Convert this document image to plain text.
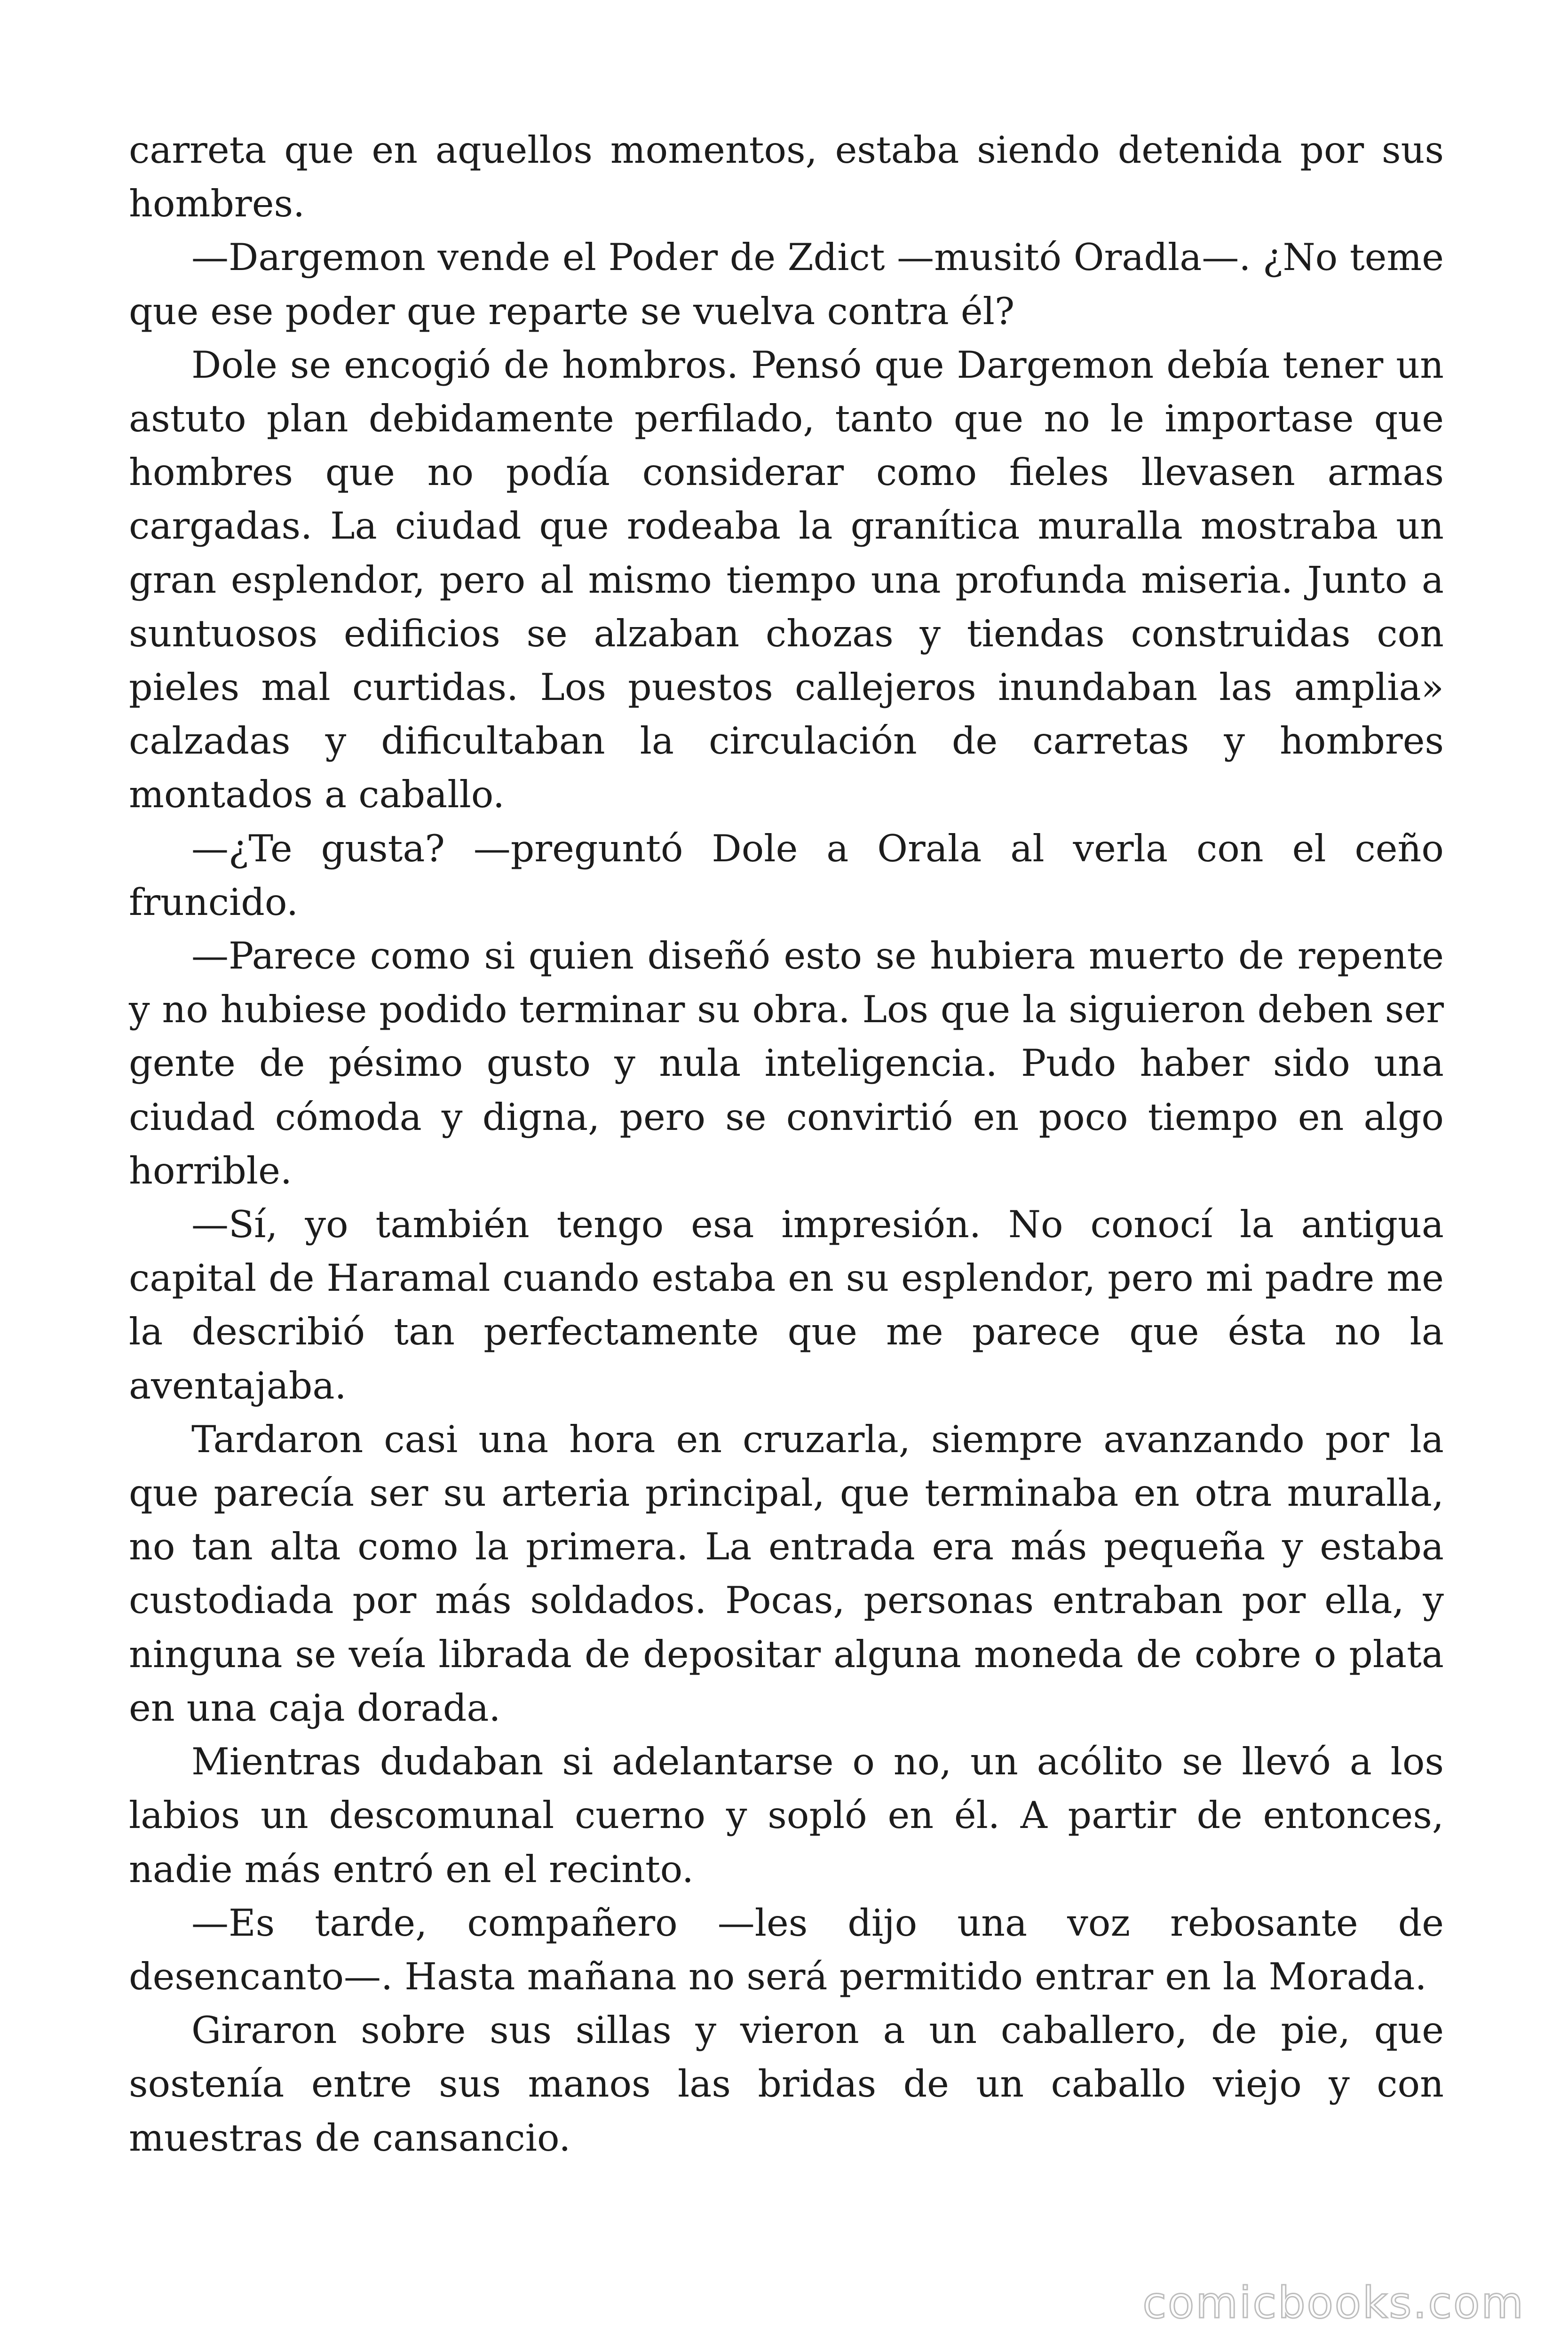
carreta que en aquellos momentos, estaba siendo detenida por sus hombres.

—Dargemon vende el Poder de Zdict —musitó Oradla—. ¿No teme que ese poder que reparte se vuelva contra él?

Dole se encogió de hombros. Pensó que Dargemon debía tener un astuto plan debidamente perfilado, tanto que no le importase que hombres que no podía considerar como fieles llevasen armas cargadas. La ciudad que rodeaba la granítica muralla mostraba un gran esplendor, pero al mismo tiempo una profunda miseria. Junto a suntuosos edificios se alzaban chozas y tiendas construidas con pieles mal curtidas. Los puestos callejeros inundaban las amplia» calzadas y dificultaban la circulación de carretas y hombres montados a caballo.

—¿Te gusta? —preguntó Dole a Orala al verla con el ceño fruncido.

—Parece como si quien diseñó esto se hubiera muerto de repente y no hubiese podido terminar su obra. Los que la siguieron deben ser gente de pésimo gusto y nula inteligencia. Pudo haber sido una ciudad cómoda y digna, pero se convirtió en poco tiempo en algo horrible.

—Sí, yo también tengo esa impresión. No conocí la antigua capital de Haramal cuando estaba en su esplendor, pero mi padre me la describió tan perfectamente que me parece que ésta no la aventajaba.

Tardaron casi una hora en cruzarla, siempre avanzando por la que parecía ser su arteria principal, que terminaba en otra muralla, no tan alta como la primera. La entrada era más pequeña y estaba custodiada por más soldados. Pocas, personas entraban por ella, y ninguna se veía librada de depositar alguna moneda de cobre o plata en una caja dorada.

Mientras dudaban si adelantarse o no, un acólito se llevó a los labios un descomunal cuerno y sopló en él. A partir de entonces, nadie más entró en el recinto.

—Es tarde, compañero —les dijo una voz rebosante de desencanto—. Hasta mañana no será permitido entrar en la Morada.

Giraron sobre sus sillas y vieron a un caballero, de pie, que sostenía entre sus manos las bridas de un caballo viejo y con muestras de cansancio.

comicbooks.com
